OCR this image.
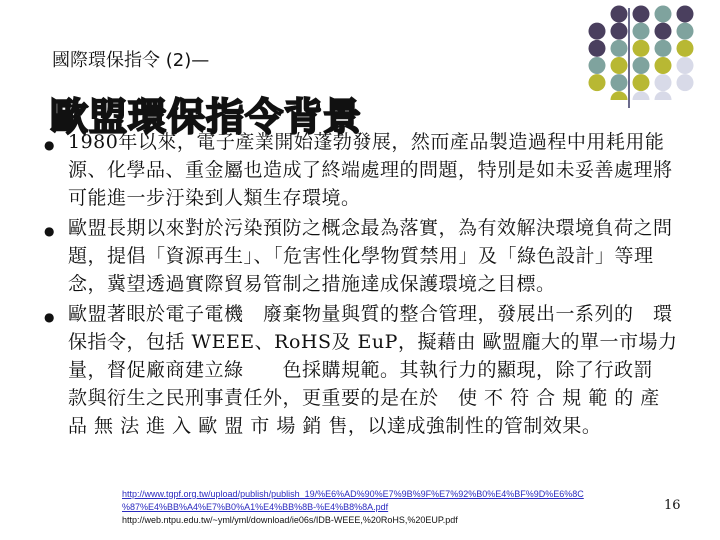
國際環保指令 (2)—
歐盟環保指令背景
● 1980年以來，電子產業開始蓬勃發展，然而產品製造過程中用耗用能源、化學品、重金屬也造成了終端處理的問題，特別是如未妥善處理將可能進一步汙染到人類生存環境。
● 歐盟長期以來對於污染預防之概念最為落實，為有效解決環境負荷之問題，提倡「資源再生」、「危害性化學物質禁用」及「綠色設計」等理念，冀望透過實際貿易管制之措施達成保護環境之目標。
● 歐盟著眼於電子電機　廢棄物量與質的整合管理，發展出一系列的　環保指令，包括 WEEE、RoHS及 EuP，擬藉由 歐盟龐大的單一市場力量，督促廠商建立綠　　色採購規範。其執行力的顯現，除了行政罰　款與衍生之民刑事責任外，更重要的是在於　使 不 符 合 規 範 的 產 品 無 法 進 入 歐 盟 市 場 銷 售，以達成強制性的管制效果。
http://www.tgpf.org.tw/upload/publish/publish_19/%E6%AD%90%E7%9B%9F%E7%92%B0%E4%BF%9D%E6%8C
%87%E4%BB%A4%E7%B0%A1%E4%BB%8B-%E4%B8%8A.pdf
http://web.ntpu.edu.tw/~yml/yml/download/ie06s/IDB-WEEE,%20RoHS,%20EUP.pdf
16
